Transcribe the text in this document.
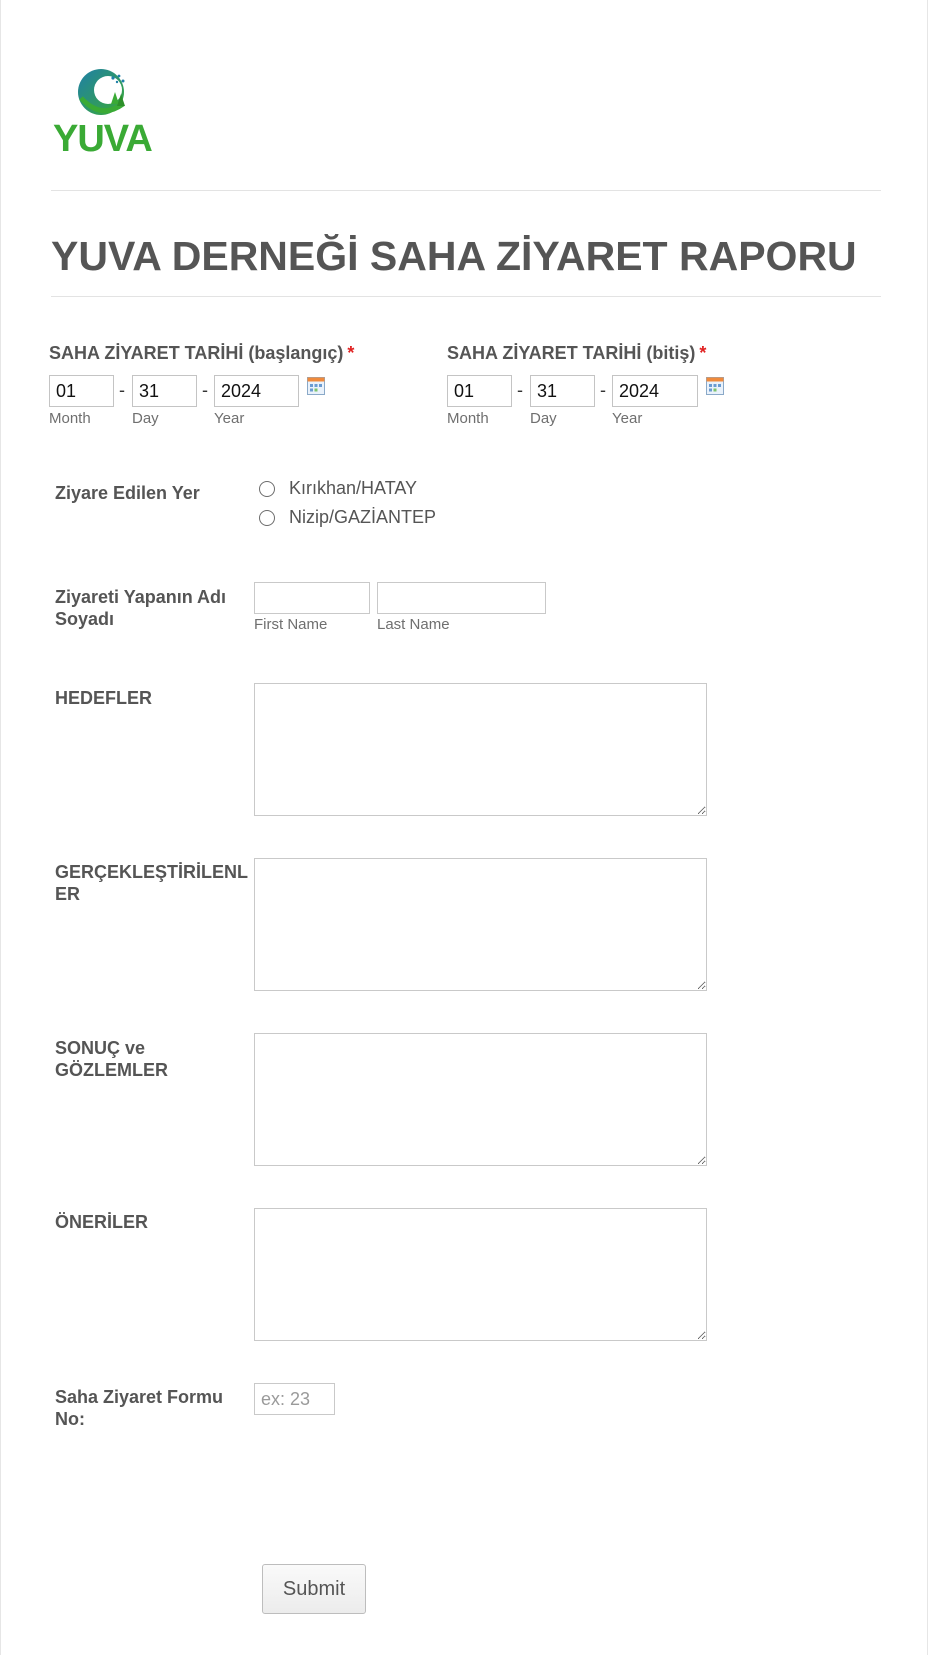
YUVA
YUVA DERNEĞİ SAHA ZİYARET RAPORU
SAHA ZİYARET TARİHİ (başlangıç) *
01
-
31	-
2024
Month	Day	Year
SAHA ZİYARET TARİHİ (bitiş) *
01
-
31	-
2024
Month	Day	Year
Ziyare Edilen Yer	Kırıkhan/HATAY
Nizip/GAZİANTEP
Ziyareti Yapanın Adı Soyadı	First Name	Last Name
HEDEFLER
GERÇEKLEŞTİRİLENLER
SONUÇ ve GÖZLEMLER
ÖNERİLER
Saha Ziyaret Formu No:
ex: 23
Submit
